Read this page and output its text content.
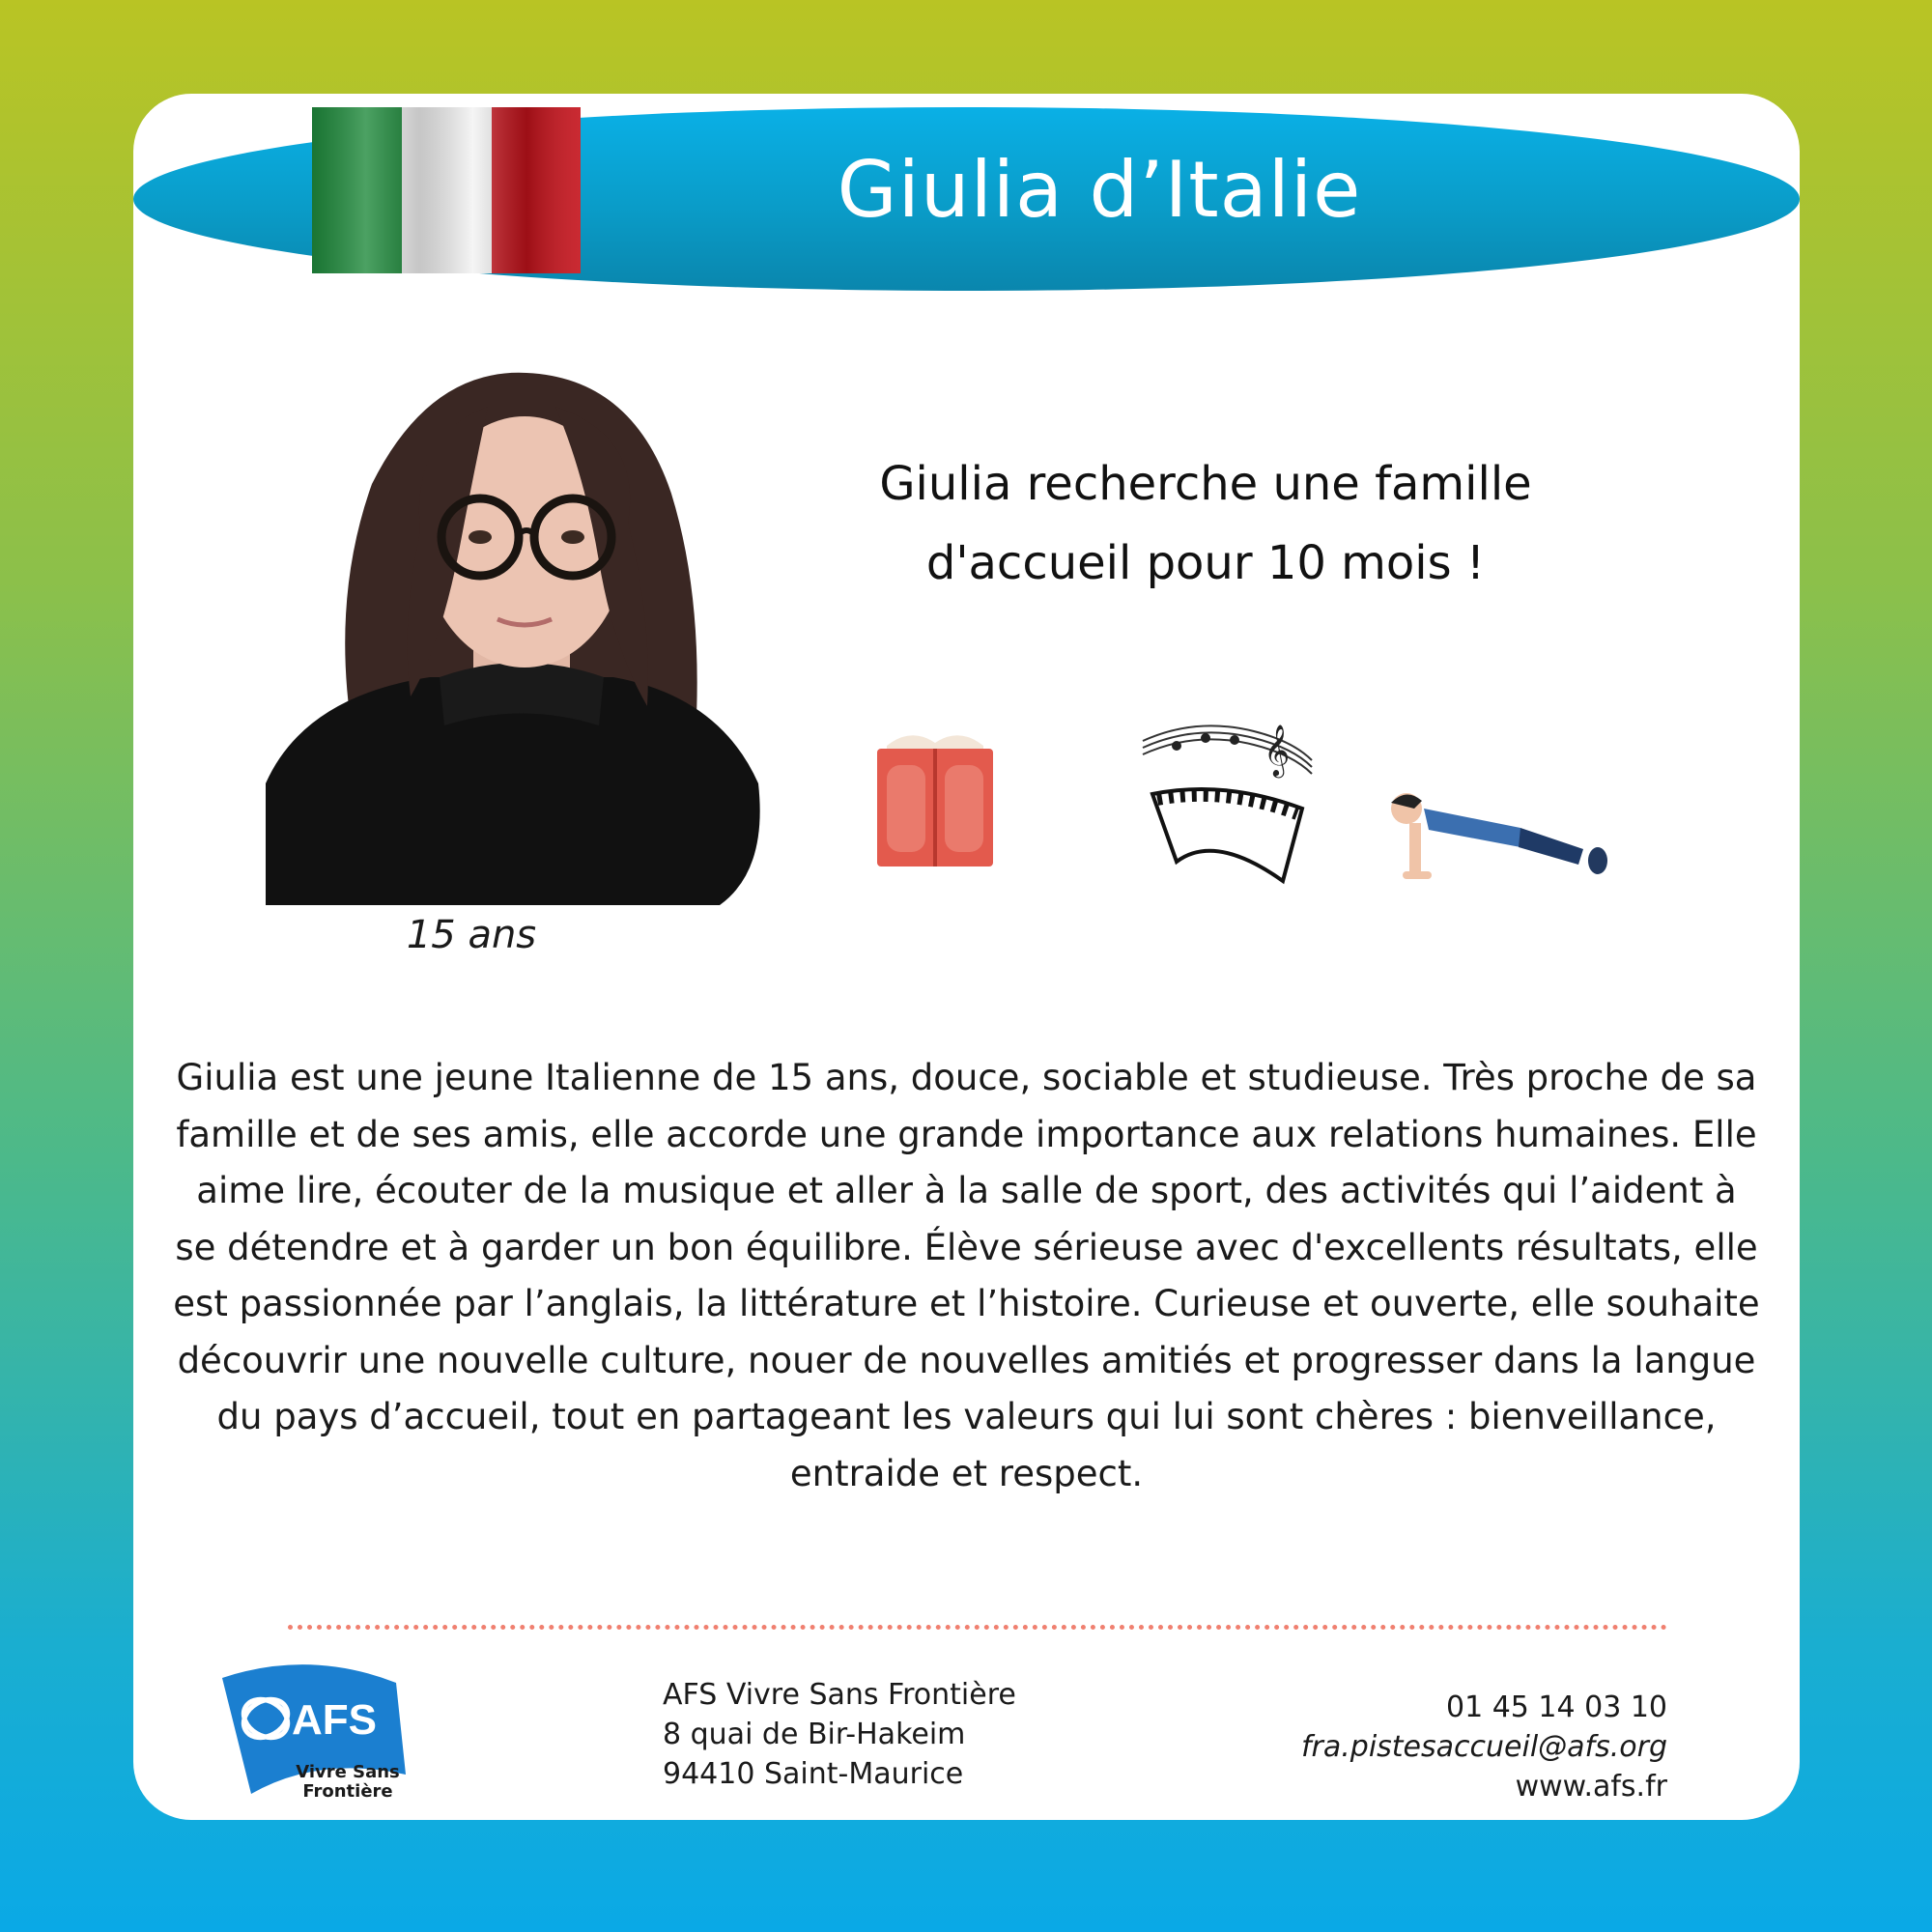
Giulia d’Italie
15 ans
Giulia recherche une famille d'accueil pour 10 mois !
𝄞
Giulia est une jeune Italienne de 15 ans, douce, sociable et studieuse. Très proche de sa famille et de ses amis, elle accorde une grande importance aux relations humaines. Elle aime lire, écouter de la musique et aller à la salle de sport, des activités qui l’aident à se détendre et à garder un bon équilibre. Élève sérieuse avec d'excellents résultats, elle est passionnée par l’anglais, la littérature et l’histoire. Curieuse et ouverte, elle souhaite découvrir une nouvelle culture, nouer de nouvelles amitiés et progresser dans la langue du pays d’accueil, tout en partageant les valeurs qui lui sont chères : bienveillance, entraide et respect.
AFS
Vivre Sans
Frontière
AFS Vivre Sans Frontière
8 quai de Bir-Hakeim
94410 Saint-Maurice
01 45 14 03 10
fra.pistesaccueil@afs.org
www.afs.fr
